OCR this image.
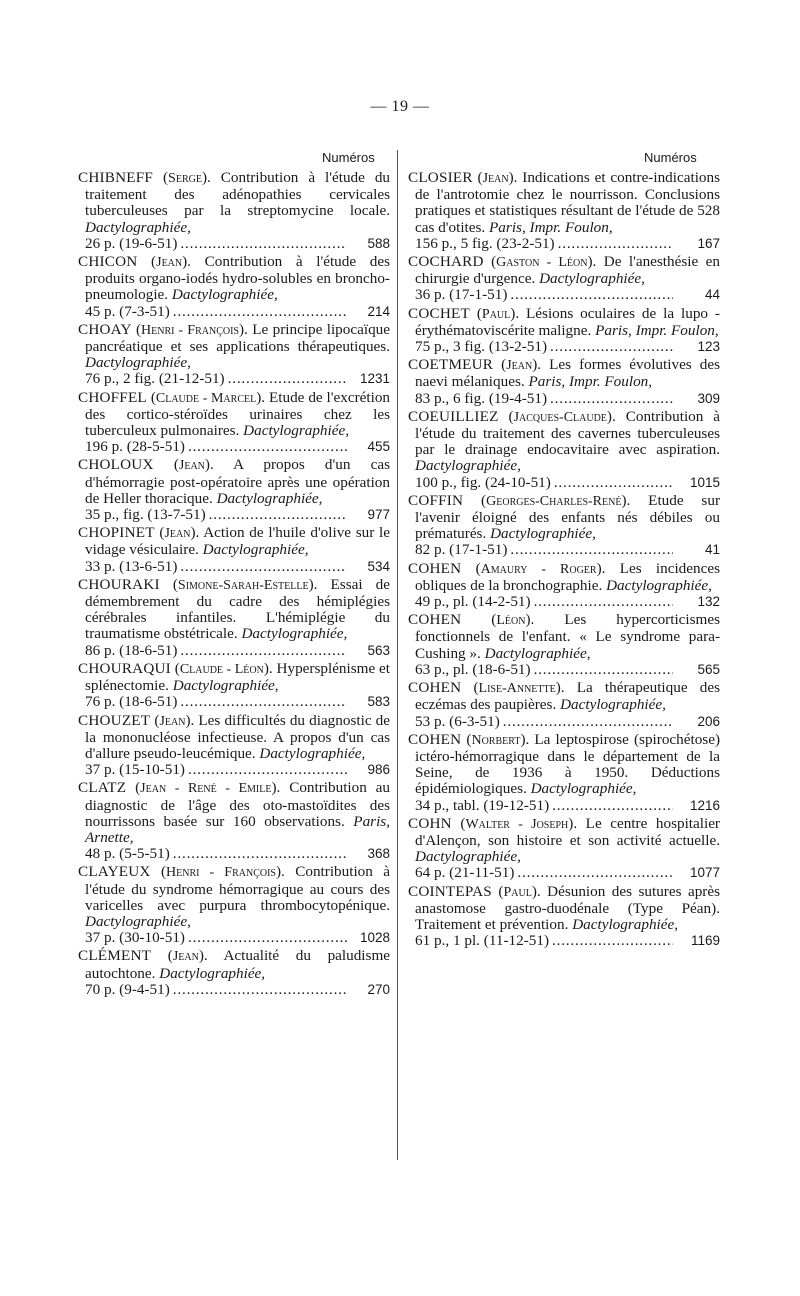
— 19 —
Numéros	Numéros
CHIBNEFF (Serge). Contribution à l'étude du traitement des adénopathies cervicales tuberculeuses par la streptomycine locale. Dactylographiée,
26 p. (19-6-51) . . .	588
CHICON (Jean). Contribution à l'étude des produits organo-iodés hydro-solubles en broncho-pneumologie. Dactylographiée,
45 p. (7-3-51) . . .	214
CHOAY (Henri - François). Le principe lipocaïque pancréatique et ses applications thérapeutiques. Dactylographiée,
76 p., 2 fig. (21-12-51) . . .	1231
CHOFFEL (Claude - Marcel). Etude de l'excrétion des cortico-stéroïdes urinaires chez les tuberculeux pulmonaires. Dactylographiée,
196 p. (28-5-51) . . .	455
CHOLOUX (Jean). A propos d'un cas d'hémorragie post-opératoire après une opération de Heller thoracique. Dactylographiée,
35 p., fig. (13-7-51) . . .	977
CHOPINET (Jean). Action de l'huile d'olive sur le vidage vésiculaire. Dactylographiée,
33 p. (13-6-51) . . .	534
CHOURAKI (Simone-Sarah-Estelle). Essai de démembrement du cadre des hémiplégies cérébrales infantiles. L'hémiplégie du traumatisme obstétricale. Dactylographiée,
86 p. (18-6-51) . . .	563
CHOURAQUI (Claude - Léon). Hypersplénisme et splénectomie. Dactylographiée,
76 p. (18-6-51) . . .	583
CHOUZET (Jean). Les difficultés du diagnostic de la mononucléose infectieuse. A propos d'un cas d'allure pseudo-leucémique. Dactylographiée,
37 p. (15-10-51) . . .	986
CLATZ (Jean - René - Emile). Contribution au diagnostic de l'âge des oto-mastoïdites des nourrissons basée sur 160 observations. Paris, Arnette,
48 p. (5-5-51) . . .	368
CLAYEUX (Henri - François). Contribution à l'étude du syndrome hémorragique au cours des varicelles avec purpura thrombocytopénique. Dactylographiée,
37 p. (30-10-51) . . .	1028
CLÉMENT (Jean). Actualité du paludisme autochtone. Dactylographiée,
70 p. (9-4-51) . . .	270
CLOSIER (Jean). Indications et contre-indications de l'antrotomie chez le nourrisson. Conclusions pratiques et statistiques résultant de l'étude de 528 cas d'otites. Paris, Impr. Foulon,
156 p., 5 fig. (23-2-51) . . .	167
COCHARD (Gaston - Léon). De l'anesthésie en chirurgie d'urgence. Dactylographiée,
36 p. (17-1-51) . . .	44
COCHET (Paul). Lésions oculaires de la lupo - érythématoviscérite maligne. Paris, Impr. Foulon,
75 p., 3 fig. (13-2-51) . . .	123
COETMEUR (Jean). Les formes évolutives des naevi mélaniques. Paris, Impr. Foulon,
83 p., 6 fig. (19-4-51) . . .	309
COEUILLIEZ (Jacques-Claude). Contribution à l'étude du traitement des cavernes tuberculeuses par le drainage endocavitaire avec aspiration. Dactylographiée,
100 p., fig. (24-10-51) . . .	1015
COFFIN (Georges-Charles-René). Etude sur l'avenir éloigné des enfants nés débiles ou prématurés. Dactylographiée,
82 p. (17-1-51) . . .	41
COHEN (Amaury - Roger). Les incidences obliques de la bronchographie. Dactylographiée,
49 p., pl. (14-2-51) . . .	132
COHEN (Léon). Les hypercorticismes fonctionnels de l'enfant. « Le syndrome para-Cushing ». Dactylographiée,
63 p., pl. (18-6-51) . . .	565
COHEN (Lise-Annette). La thérapeutique des eczémas des paupières. Dactylographiée,
53 p. (6-3-51) . . .	206
COHEN (Norbert). La leptospirose (spirochétose) ictéro-hémorragique dans le département de la Seine, de 1936 à 1950. Déductions épidémiologiques. Dactylographiée,
34 p., tabl. (19-12-51) . . .	1216
COHN (Walter - Joseph). Le centre hospitalier d'Alençon, son histoire et son activité actuelle. Dactylographiée,
64 p. (21-11-51) . . .	1077
COINTEPAS (Paul). Désunion des sutures après anastomose gastro-duodénale (Type Péan). Traitement et prévention. Dactylographiée,
61 p., 1 pl. (11-12-51) . . .	1169
